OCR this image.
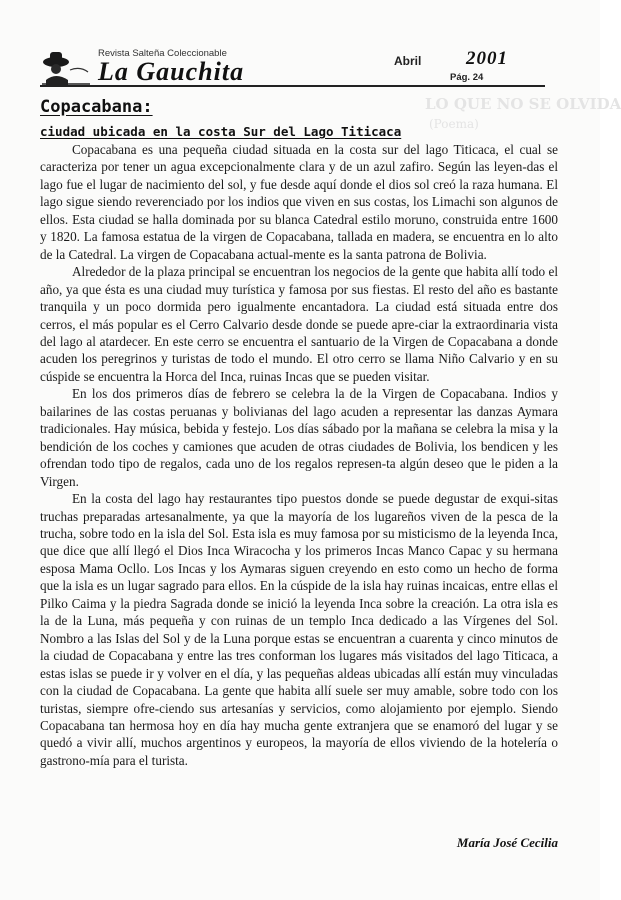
LO QUE NO SE OLVIDA
(Poema)
Revista Salteña Coleccionable
La Gauchita	Abril 2001
Pág. 24
Copacabana:
ciudad ubicada en la costa Sur del Lago Titicaca

Copacabana es una pequeña ciudad situada en la costa sur del lago Titicaca, el cual se caracteriza por tener un agua excepcionalmente clara y de un azul zafiro. Según las leyen-das el lago fue el lugar de nacimiento del sol, y fue desde aquí donde el dios sol creó la raza humana. El lago sigue siendo reverenciado por los indios que viven en sus costas, los Limachi son algunos de ellos. Esta ciudad se halla dominada por su blanca Catedral estilo moruno, construida entre 1600 y 1820. La famosa estatua de la virgen de Copacabana, tallada en madera, se encuentra en lo alto de la Catedral. La virgen de Copacabana actual-mente es la santa patrona de Bolivia.

Alrededor de la plaza principal se encuentran los negocios de la gente que habita allí todo el año, ya que ésta es una ciudad muy turística y famosa por sus fiestas. El resto del año es bastante tranquila y un poco dormida pero igualmente encantadora. La ciudad está situada entre dos cerros, el más popular es el Cerro Calvario desde donde se puede apre-ciar la extraordinaria vista del lago al atardecer. En este cerro se encuentra el santuario de la Virgen de Copacabana a donde acuden los peregrinos y turistas de todo el mundo. El otro cerro se llama Niño Calvario y en su cúspide se encuentra la Horca del Inca, ruinas Incas que se pueden visitar.

En los dos primeros días de febrero se celebra la de la Virgen de Copacabana. Indios y bailarines de las costas peruanas y bolivianas del lago acuden a representar las danzas Aymara tradicionales. Hay música, bebida y festejo. Los días sábado por la mañana se celebra la misa y la bendición de los coches y camiones que acuden de otras ciudades de Bolivia, los bendicen y les ofrendan todo tipo de regalos, cada uno de los regalos represen-ta algún deseo que le piden a la Virgen.

En la costa del lago hay restaurantes tipo puestos donde se puede degustar de exqui-sitas truchas preparadas artesanalmente, ya que la mayoría de los lugareños viven de la pesca de la trucha, sobre todo en la isla del Sol. Esta isla es muy famosa por su misticismo de la leyenda Inca, que dice que allí llegó el Dios Inca Wiracocha y los primeros Incas Manco Capac y su hermana esposa Mama Ocllo. Los Incas y los Aymaras siguen creyendo en esto como un hecho de forma que la isla es un lugar sagrado para ellos. En la cúspide de la isla hay ruinas incaicas, entre ellas el Pilko Caima y la piedra Sagrada donde se inició la leyenda Inca sobre la creación. La otra isla es la de la Luna, más pequeña y con ruinas de un templo Inca dedicado a las Vírgenes del Sol. Nombro a las Islas del Sol y de la Luna porque estas se encuentran a cuarenta y cinco minutos de la ciudad de Copacabana y entre las tres conforman los lugares más visitados del lago Titicaca, a estas islas se puede ir y volver en el día, y las pequeñas aldeas ubicadas allí están muy vinculadas con la ciudad de Copacabana. La gente que habita allí suele ser muy amable, sobre todo con los turistas, siempre ofre-ciendo sus artesanías y servicios, como alojamiento por ejemplo. Siendo Copacabana tan hermosa hoy en día hay mucha gente extranjera que se enamoró del lugar y se quedó a vivir allí, muchos argentinos y europeos, la mayoría de ellos viviendo de la hotelería o gastrono-mía para el turista.

María José Cecilia
